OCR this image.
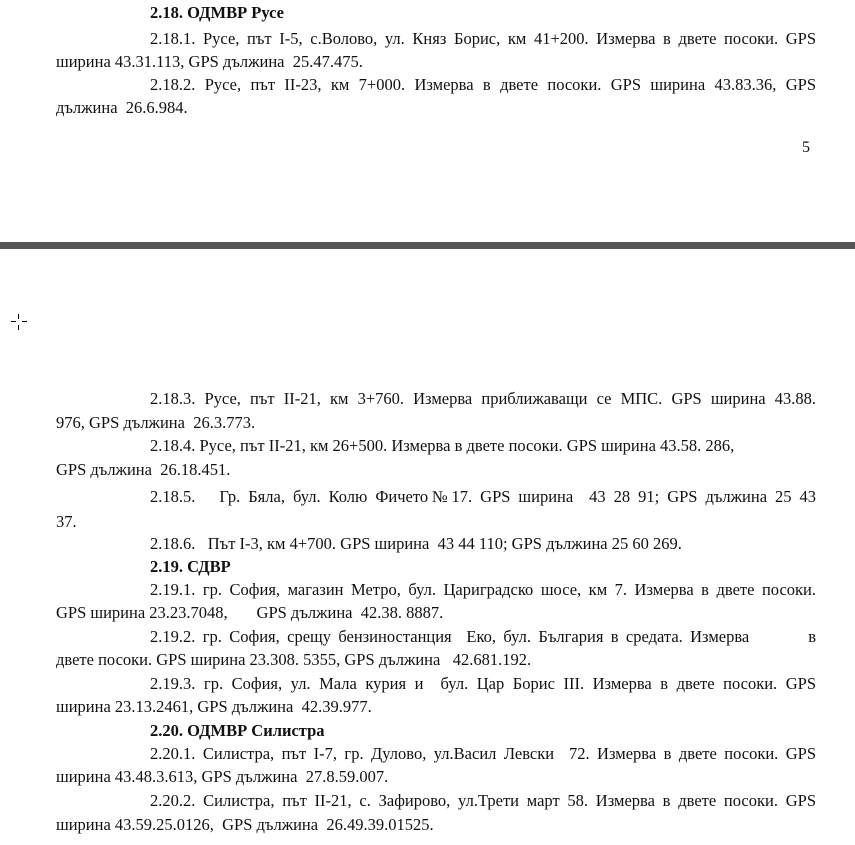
2.18. ОДМВР Русе
2.18.1. Русе, път I-5, с.Волово, ул. Княз Борис, км 41+200. Измерва в двете посоки. GPS
ширина 43.31.113, GPS дължина  25.47.475.
2.18.2. Русе, път II-23, км 7+000. Измерва в двете посоки. GPS ширина 43.83.36, GPS
дължина  26.6.984.
5
2.18.3. Русе, път II-21, км 3+760. Измерва приближаващи се МПС. GPS ширина 43.88.
976, GPS дължина  26.3.773.
2.18.4. Русе, път II-21, км 26+500. Измерва в двете посоки. GPS ширина 43.58. 286,
GPS дължина  26.18.451.
2.18.5.   Гр. Бяла, бул. Колю Фичето№17. GPS ширина  43 28 91; GPS дължина 25 43
37.
2.18.6.   Път I-3, км 4+700. GPS ширина  43 44 110; GPS дължина 25 60 269.
2.19. СДВР
2.19.1. гр. София, магазин Метро, бул. Цариградско шосе, км 7. Измерва в двете посоки.
GPS ширина 23.23.7048,       GPS дължина  42.38. 8887.
2.19.2. гр. София, срещу бензиностанция  Еко, бул. България в средата. Измерва        в
двете посоки. GPS ширина 23.308. 5355, GPS дължина   42.681.192.
2.19.3. гр. София, ул. Мала курия и  бул. Цар Борис III. Измерва в двете посоки. GPS
ширина 23.13.2461, GPS дължина  42.39.977.
2.20. ОДМВР Силистра
2.20.1. Силистра, път I-7, гр. Дулово, ул.Васил Левски  72. Измерва в двете посоки. GPS
ширина 43.48.3.613, GPS дължина  27.8.59.007.
2.20.2. Силистра, път II-21, с. Зафирово, ул.Трети март 58. Измерва в двете посоки. GPS
ширина 43.59.25.0126,  GPS дължина  26.49.39.01525.
